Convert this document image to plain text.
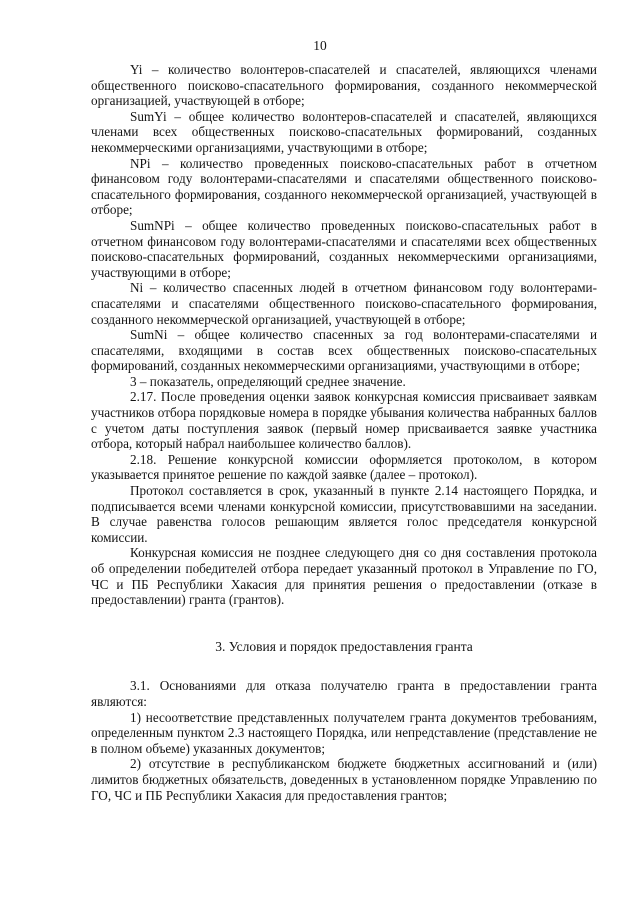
10

Yi – количество волонтеров-спасателей и спасателей, являющихся членами общественного поисково-спасательного формирования, созданного некоммерческой организацией, участвующей в отборе;

SumYi – общее количество волонтеров-спасателей и спасателей, являющихся членами всех общественных поисково-спасательных формирований, созданных некоммерческими организациями, участвующими в отборе;

NPi – количество проведенных поисково-спасательных работ в отчетном финансовом году волонтерами-спасателями и спасателями общественного поисково-спасательного формирования, созданного некоммерческой организацией, участвующей в отборе;

SumNPi – общее количество проведенных поисково-спасательных работ в отчетном финансовом году волонтерами-спасателями и спасателями всех общественных поисково-спасательных формирований, созданных некоммерческими организациями, участвующими в отборе;

Ni – количество спасенных людей в отчетном финансовом году волонтерами-спасателями и спасателями общественного поисково-спасательного формирования, созданного некоммерческой организацией, участвующей в отборе;

SumNi – общее количество спасенных за год волонтерами-спасателями и спасателями, входящими в состав всех общественных поисково-спасательных формирований, созданных некоммерческими организациями, участвующими в отборе;

3 – показатель, определяющий среднее значение.

2.17. После проведения оценки заявок конкурсная комиссия присваивает заявкам участников отбора порядковые номера в порядке убывания количества набранных баллов с учетом даты поступления заявок (первый номер присваивается заявке участника отбора, который набрал наибольшее количество баллов).

2.18. Решение конкурсной комиссии оформляется протоколом, в котором указывается принятое решение по каждой заявке (далее – протокол).

Протокол составляется в срок, указанный в пункте 2.14 настоящего Порядка, и подписывается всеми членами конкурсной комиссии, присутствовавшими на заседании. В случае равенства голосов решающим является голос председателя конкурсной комиссии.

Конкурсная комиссия не позднее следующего дня со дня составления протокола об определении победителей отбора передает указанный протокол в Управление по ГО, ЧС и ПБ Республики Хакасия для принятия решения о предоставлении (отказе в предоставлении) гранта (грантов).

3. Условия и порядок предоставления гранта

3.1. Основаниями для отказа получателю гранта в предоставлении гранта являются:

1) несоответствие представленных получателем гранта документов требованиям, определенным пунктом 2.3 настоящего Порядка, или непредставление (представление не в полном объеме) указанных документов;

2) отсутствие в республиканском бюджете бюджетных ассигнований и (или) лимитов бюджетных обязательств, доведенных в установленном порядке Управлению по ГО, ЧС и ПБ Республики Хакасия для предоставления грантов;
